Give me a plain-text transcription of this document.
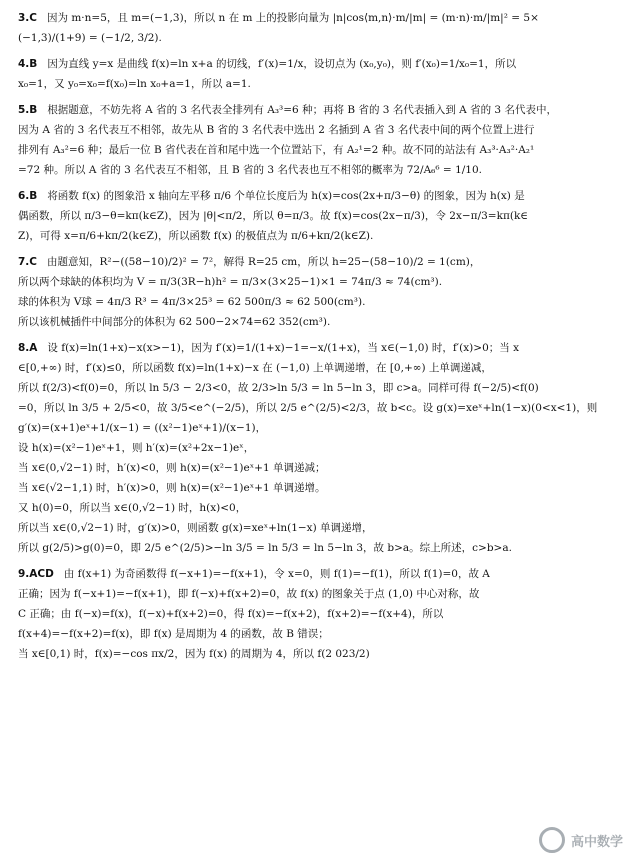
3.C 因为 m·n=5，且 m=(−1,3)，所以 n 在 m 上的投影向量为 |n|cos⟨m,n⟩·m/|m| = (m·n)·m/|m|² = 5×
(−1,3)/(1+9) = (−1/2, 3/2).
4.B 因为直线 y=x 是曲线 f(x)=ln x+a 的切线，f′(x)=1/x，设切点为 (x₀,y₀)，则 f′(x₀)=1/x₀=1，所以
x₀=1，又 y₀=x₀=f(x₀)=ln x₀+a=1，所以 a=1.
5.B 根据题意，不妨先将 A 省的 3 名代表全排列有 A₃³=6 种；再将 B 省的 3 名代表插入到 A 省的 3 名代表中，
因为 A 省的 3 名代表互不相邻，故先从 B 省的 3 名代表中选出 2 名插到 A 省 3 名代表中间的两个位置上进行
排列有 A₃²=6 种；最后一位 B 省代表在首和尾中选一个位置站下，有 A₂¹=2 种。故不同的站法有 A₃³·A₃²·A₂¹
=72 种。所以 A 省的 3 名代表互不相邻，且 B 省的 3 名代表也互不相邻的概率为 72/A₆⁶ = 1/10.
6.B 将函数 f(x) 的图象沿 x 轴向左平移 π/6 个单位长度后为 h(x)=cos(2x+π/3−θ) 的图象，因为 h(x) 是
偶函数，所以 π/3−θ=kπ(k∈Z)，因为 |θ|<π/2，所以 θ=π/3。故 f(x)=cos(2x−π/3)，令 2x−π/3=kπ(k∈
Z)，可得 x=π/6+kπ/2(k∈Z)，所以函数 f(x) 的极值点为 π/6+kπ/2(k∈Z).
7.C 由题意知，R²−((58−10)/2)² = 7²，解得 R=25 cm，所以 h=25−(58−10)/2 = 1(cm)，
所以两个球缺的体积均为 V = π/3(3R−h)h² = π/3×(3×25−1)×1 = 74π/3 ≈ 74(cm³).
球的体积为 V球 = 4π/3 R³ = 4π/3×25³ = 62 500π/3 ≈ 62 500(cm³).
所以该机械插件中间部分的体积为 62 500−2×74=62 352(cm³).
8.A 设 f(x)=ln(1+x)−x(x>−1)，因为 f′(x)=1/(1+x)−1=−x/(1+x)，当 x∈(−1,0) 时，f′(x)>0；当 x
∈[0,+∞) 时，f′(x)≤0，所以函数 f(x)=ln(1+x)−x 在 (−1,0) 上单调递增，在 [0,+∞) 上单调递减，
所以 f(2/3)<f(0)=0，所以 ln 5/3 − 2/3<0，故 2/3>ln 5/3 = ln 5−ln 3，即 c>a。同样可得 f(−2/5)<f(0)
=0，所以 ln 3/5 + 2/5<0，故 3/5<e^(−2/5)，所以 2/5 e^(2/5)<2/3，故 b<c。设 g(x)=xeˣ+ln(1−x)(0<x<1)，则
g′(x)=(x+1)eˣ+1/(x−1) = ((x²−1)eˣ+1)/(x−1)，
设 h(x)=(x²−1)eˣ+1，则 h′(x)=(x²+2x−1)eˣ，
当 x∈(0,√2−1) 时，h′(x)<0，则 h(x)=(x²−1)eˣ+1 单调递减；
当 x∈(√2−1,1) 时，h′(x)>0，则 h(x)=(x²−1)eˣ+1 单调递增。
又 h(0)=0，所以当 x∈(0,√2−1) 时，h(x)<0，
所以当 x∈(0,√2−1) 时，g′(x)>0，则函数 g(x)=xeˣ+ln(1−x) 单调递增，
所以 g(2/5)>g(0)=0，即 2/5 e^(2/5)>−ln 3/5 = ln 5/3 = ln 5−ln 3，故 b>a。综上所述，c>b>a.
9.ACD 由 f(x+1) 为奇函数得 f(−x+1)=−f(x+1)，令 x=0，则 f(1)=−f(1)，所以 f(1)=0，故 A
正确；因为 f(−x+1)=−f(x+1)，即 f(−x)+f(x+2)=0，故 f(x) 的图象关于点 (1,0) 中心对称，故
C 正确；由 f(−x)=f(x)，f(−x)+f(x+2)=0，得 f(x)=−f(x+2)，f(x+2)=−f(x+4)，所以
f(x+4)=−f(x+2)=f(x)，即 f(x) 是周期为 4 的函数，故 B 错误；
当 x∈[0,1) 时，f(x)=−cos πx/2，因为 f(x) 的周期为 4，所以 f(2 023/2)
高中数学
